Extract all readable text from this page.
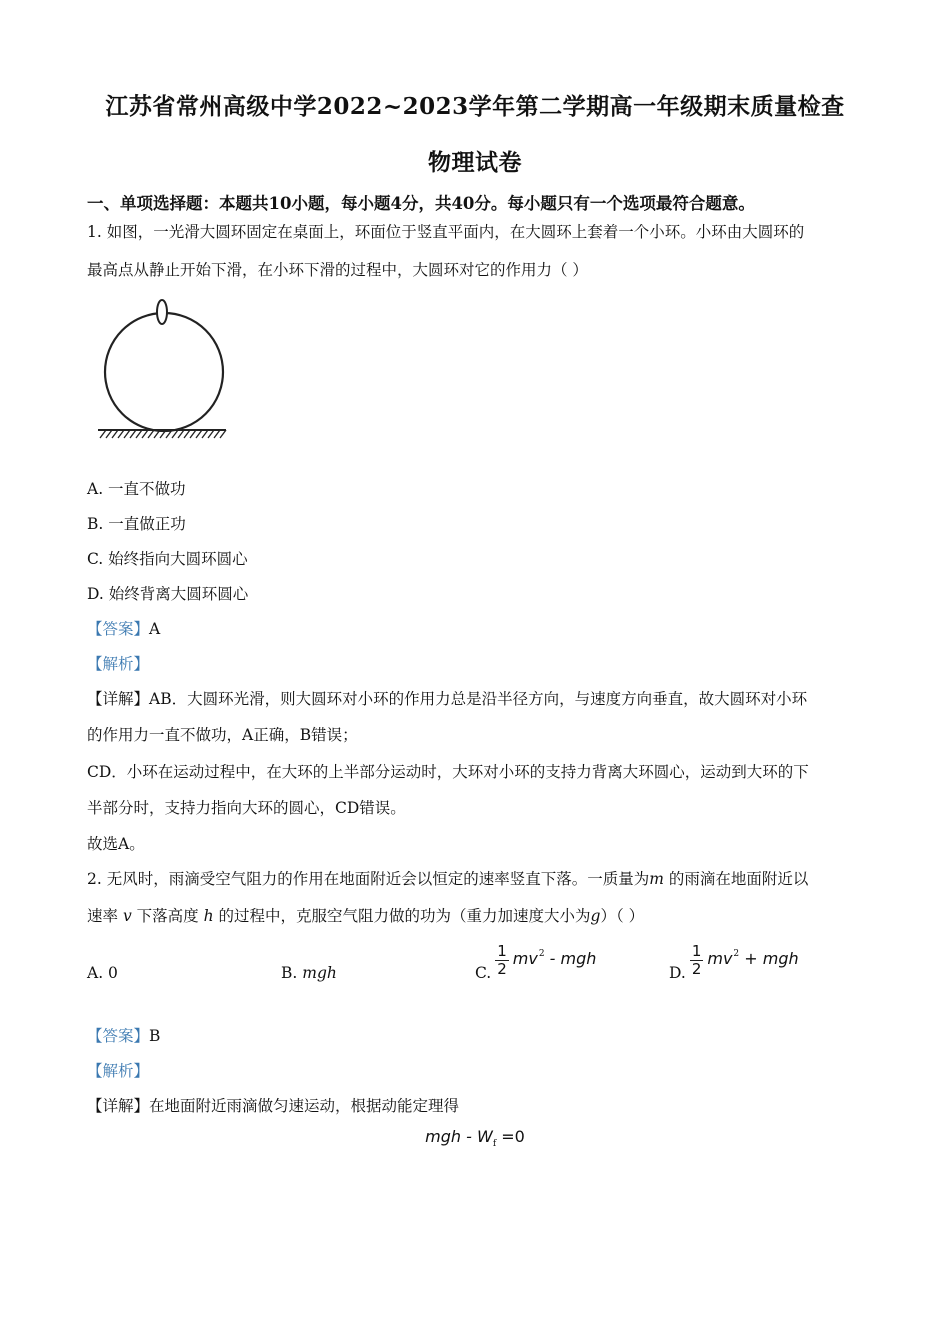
江苏省常州高级中学2022~2023学年第二学期高一年级期末质量检查
物理试卷
一、单项选择题：本题共10小题，每小题4分，共40分。每小题只有一个选项最符合题意。
1. 如图，一光滑大圆环固定在桌面上，环面位于竖直平面内，在大圆环上套着一个小环。小环由大圆环的
最高点从静止开始下滑，在小环下滑的过程中，大圆环对它的作用力（ ）
A. 一直不做功
B. 一直做正功
C. 始终指向大圆环圆心
D. 始终背离大圆环圆心
【答案】A
【解析】
【详解】AB．大圆环光滑，则大圆环对小环的作用力总是沿半径方向，与速度方向垂直，故大圆环对小环
的作用力一直不做功，A正确，B错误；
CD．小环在运动过程中，在大环的上半部分运动时，大环对小环的支持力背离大环圆心，运动到大环的下
半部分时，支持力指向大环的圆心，CD错误。
故选A。
2. 无风时，雨滴受空气阻力的作用在地面附近会以恒定的速率竖直下落。一质量为m 的雨滴在地面附近以
速率 v 下落高度 h 的过程中，克服空气阻力做的功为（重力加速度大小为g）（ ）
A. 0	B. mgh	C. $\frac{1}{2} mv^2$ - mgh
D. $\frac{1}{2} mv^2$ + mgh
【答案】B
【解析】
【详解】在地面附近雨滴做匀速运动，根据动能定理得
mgh - $W_f =0$
